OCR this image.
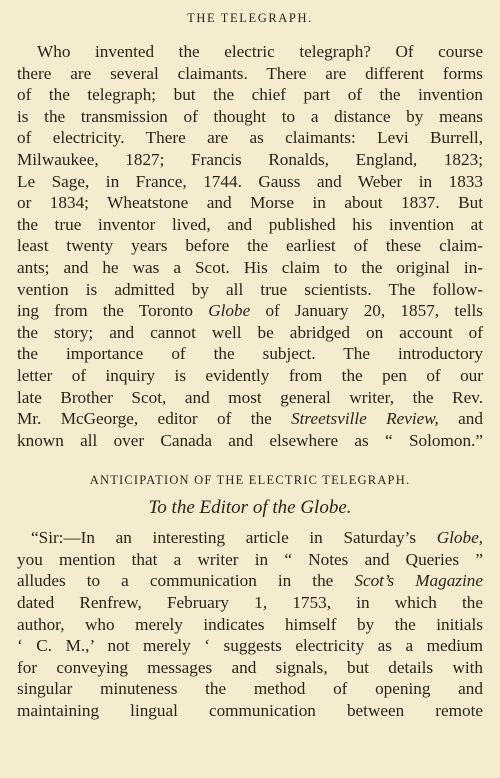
THE TELEGRAPH.
Who invented the electric telegraph? Of course
there are several claimants. There are different forms
of the telegraph; but the chief part of the invention
is the transmission of thought to a distance by means
of electricity. There are as claimants: Levi Burrell,
Milwaukee, 1827; Francis Ronalds, England, 1823;
Le Sage, in France, 1744. Gauss and Weber in 1833
or 1834; Wheatstone and Morse in about 1837. But
the true inventor lived, and published his invention at
least twenty years before the earliest of these claim-
ants; and he was a Scot. His claim to the original in-
vention is admitted by all true scientists. The follow-
ing from the Toronto Globe of January 20, 1857, tells
the story; and cannot well be abridged on account of
the importance of the subject. The introductory
letter of inquiry is evidently from the pen of our
late Brother Scot, and most general writer, the Rev.
Mr. McGeorge, editor of the Streetsville Review, and
known all over Canada and elsewhere as “ Solomon.”
ANTICIPATION OF THE ELECTRIC TELEGRAPH.
To the Editor of the Globe.
“Sir:—In an interesting article in Saturday’s Globe,
you mention that a writer in “ Notes and Queries ”
alludes to a communication in the Scot’s Magazine
dated Renfrew, February 1, 1753, in which the
author, who merely indicates himself by the initials
‘ C. M.,’ not merely ‘ suggests electricity as a medium
for conveying messages and signals, but details with
singular minuteness the method of opening and
maintaining lingual communication between remote
